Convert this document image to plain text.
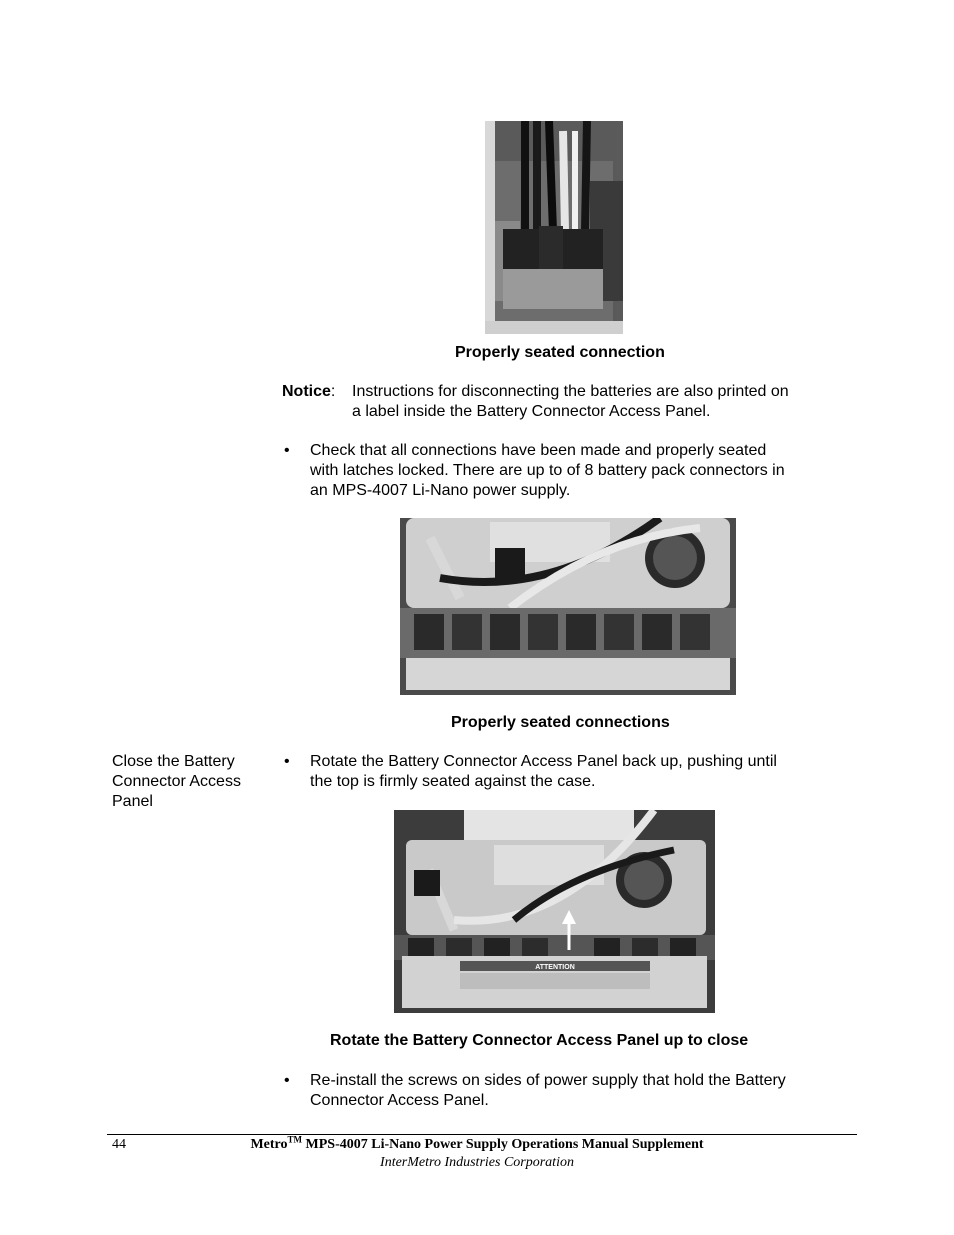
Properly seated connection
Notice:	Instructions for disconnecting the batteries are also printed on
a label inside the Battery Connector Access Panel.
• Check that all connections have been made and properly seated
with latches locked. There are up to of 8 battery pack connectors in
an MPS-4007 Li-Nano power supply.
Properly seated connections
Close the Battery
Connector Access
Panel
• Rotate the Battery Connector Access Panel back up, pushing until
the top is firmly seated against the case.
ATTENTION
Rotate the Battery Connector Access Panel up to close
• Re-install the screws on sides of power supply that hold the Battery
Connector Access Panel.
44	Metro™ MPS-4007 Li-Nano Power Supply Operations Manual Supplement
InterMetro Industries Corporation
